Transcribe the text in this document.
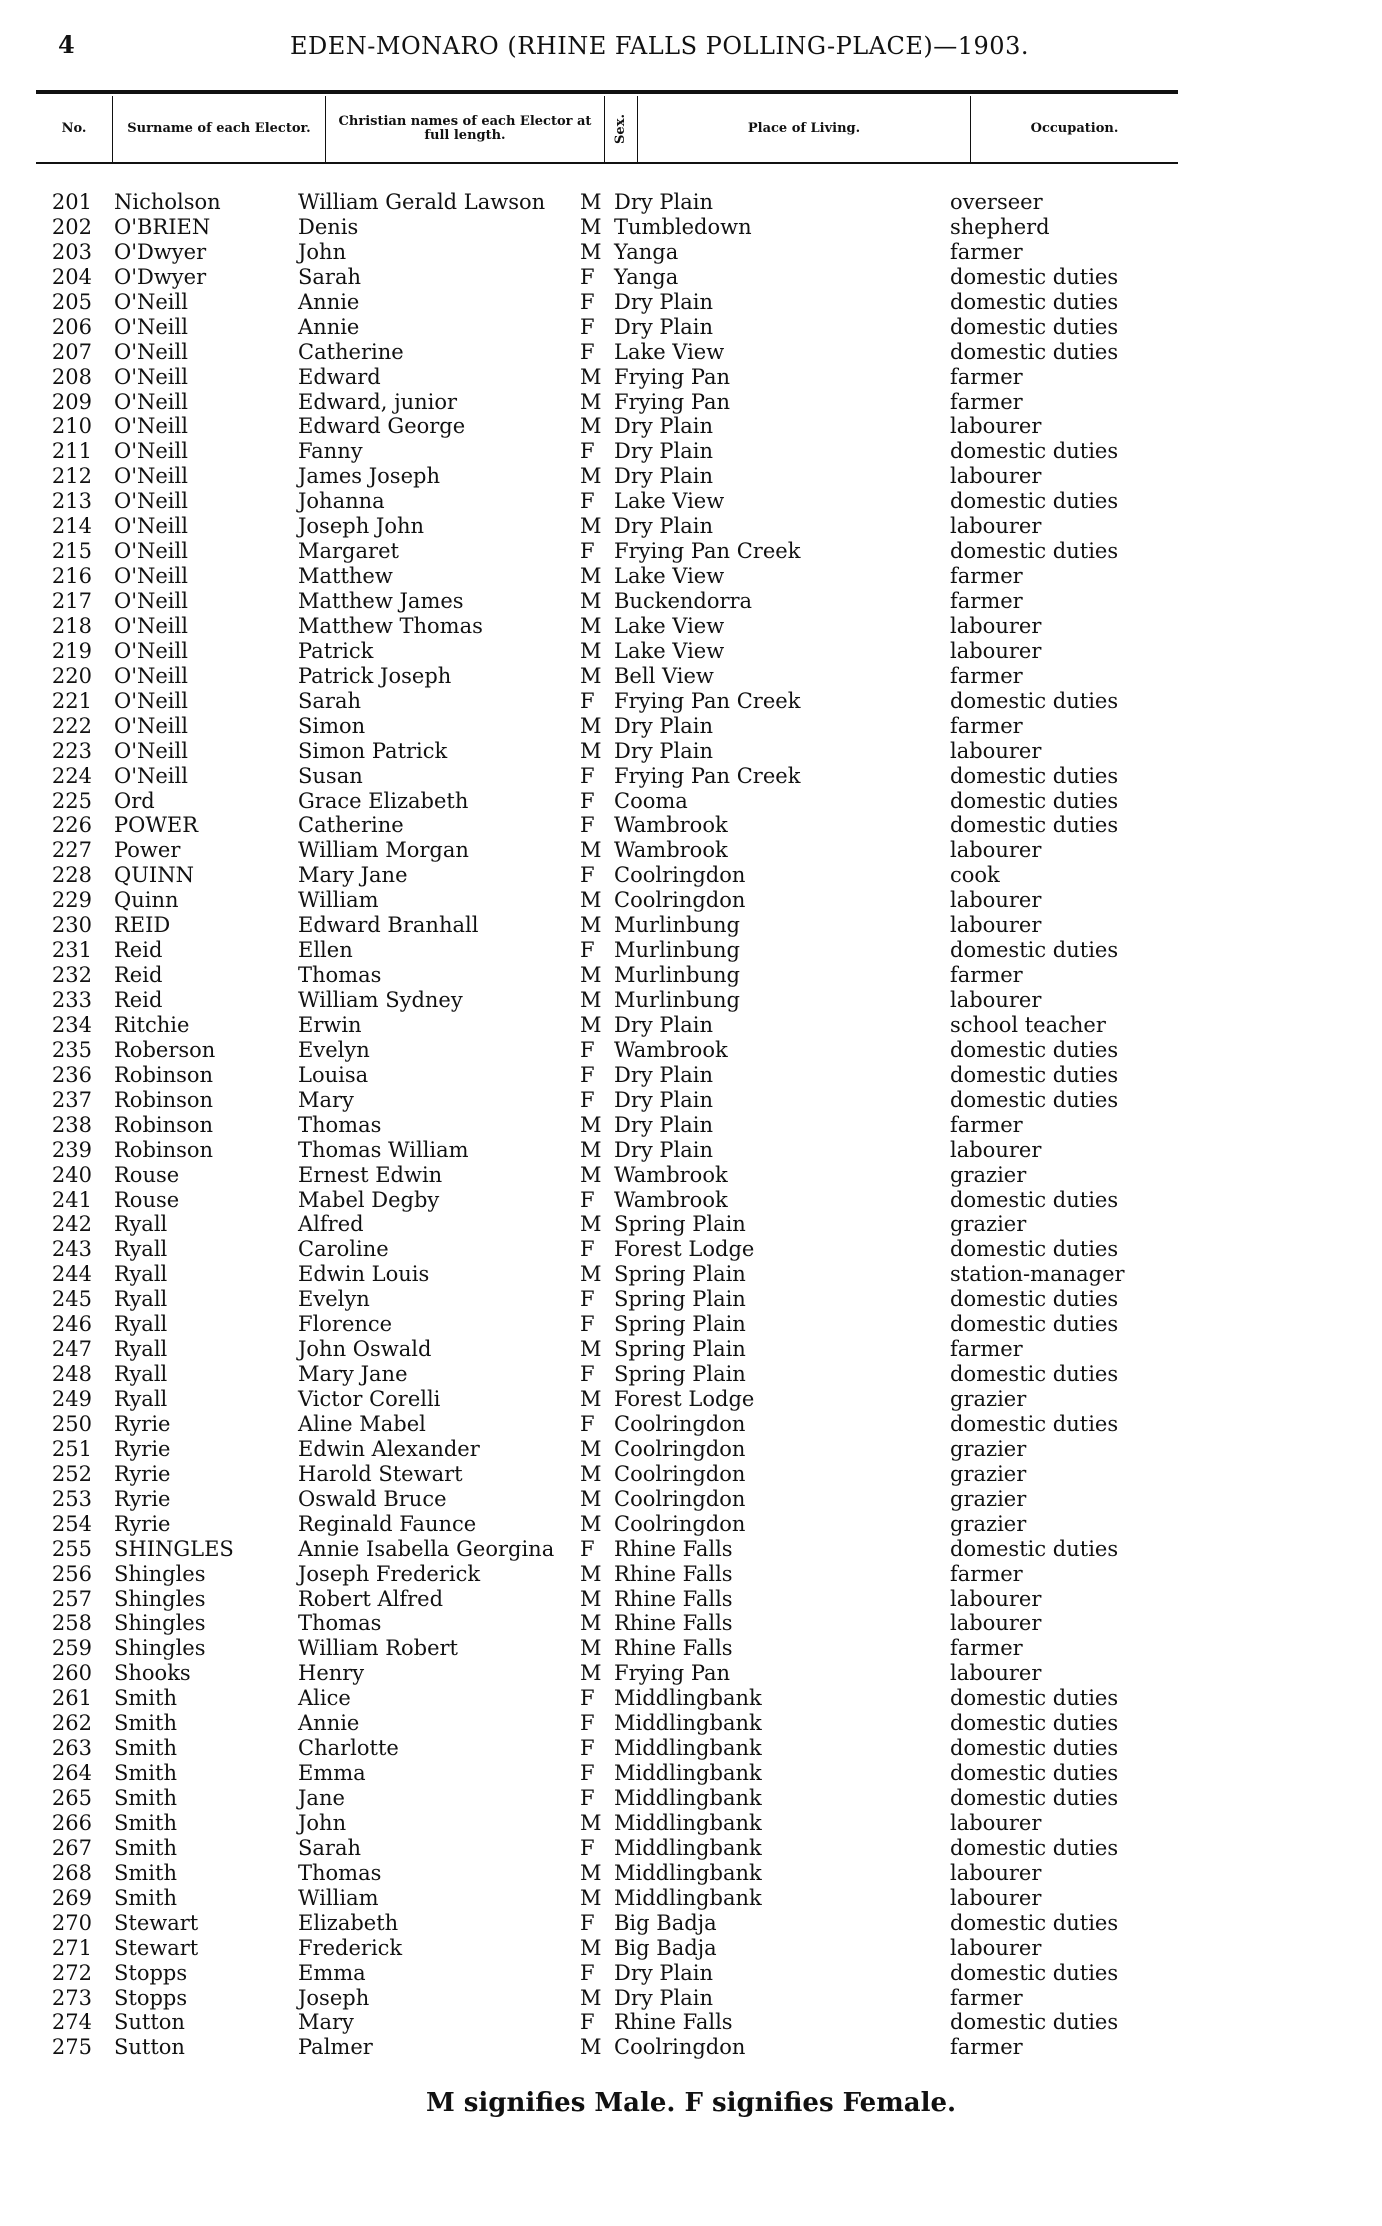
4	EDEN-MONARO (RHINE FALLS POLLING-PLACE)—1903.
No.	Surname of each Elector.	Christian names of each Elector at full length.	Sex.	Place of Living.	Occupation.
201 Nicholson	William Gerald Lawson M Dry Plain	overseer
202 O'BRIEN	Denis	M Tumbledown	shepherd
203 O'Dwyer	John	M Yanga	farmer
204 O'Dwyer	Sarah	F Yanga	domestic duties
205 O'Neill	Annie	F Dry Plain	domestic duties
206 O'Neill	Annie	F Dry Plain	domestic duties
207 O'Neill	Catherine	F Lake View	domestic duties
208 O'Neill	Edward	M Frying Pan	farmer
209 O'Neill	Edward, junior	M Frying Pan	farmer
210 O'Neill	Edward George	M Dry Plain	labourer
211 O'Neill	Fanny	F Dry Plain	domestic duties
212 O'Neill	James Joseph	M Dry Plain	labourer
213 O'Neill	Johanna	F Lake View	domestic duties
214 O'Neill	Joseph John	M Dry Plain	labourer
215 O'Neill	Margaret	F Frying Pan Creek	domestic duties
216 O'Neill	Matthew	M Lake View	farmer
217 O'Neill	Matthew James	M Buckendorra	farmer
218 O'Neill	Matthew Thomas	M Lake View	labourer
219 O'Neill	Patrick	M Lake View	labourer
220 O'Neill	Patrick Joseph	M Bell View	farmer
221 O'Neill	Sarah	F Frying Pan Creek	domestic duties
222 O'Neill	Simon	M Dry Plain	farmer
223 O'Neill	Simon Patrick	M Dry Plain	labourer
224 O'Neill	Susan	F Frying Pan Creek	domestic duties
225 Ord	Grace Elizabeth	F Cooma	domestic duties
226 POWER	Catherine	F Wambrook	domestic duties
227 Power	William Morgan	M Wambrook	labourer
228 QUINN	Mary Jane	F Coolringdon	cook
229 Quinn	William	M Coolringdon	labourer
230 REID	Edward Branhall	M Murlinbung	labourer
231 Reid	Ellen	F Murlinbung	domestic duties
232 Reid	Thomas	M Murlinbung	farmer
233 Reid	William Sydney	M Murlinbung	labourer
234 Ritchie	Erwin	M Dry Plain	school teacher
235 Roberson	Evelyn	F Wambrook	domestic duties
236 Robinson	Louisa	F Dry Plain	domestic duties
237 Robinson	Mary	F Dry Plain	domestic duties
238 Robinson	Thomas	M Dry Plain	farmer
239 Robinson	Thomas William	M Dry Plain	labourer
240 Rouse	Ernest Edwin	M Wambrook	grazier
241 Rouse	Mabel Degby	F Wambrook	domestic duties
242 Ryall	Alfred	M Spring Plain	grazier
243 Ryall	Caroline	F Forest Lodge	domestic duties
244 Ryall	Edwin Louis	M Spring Plain	station-manager
245 Ryall	Evelyn	F Spring Plain	domestic duties
246 Ryall	Florence	F Spring Plain	domestic duties
247 Ryall	John Oswald	M Spring Plain	farmer
248 Ryall	Mary Jane	F Spring Plain	domestic duties
249 Ryall	Victor Corelli	M Forest Lodge	grazier
250 Ryrie	Aline Mabel	F Coolringdon	domestic duties
251 Ryrie	Edwin Alexander	M Coolringdon	grazier
252 Ryrie	Harold Stewart	M Coolringdon	grazier
253 Ryrie	Oswald Bruce	M Coolringdon	grazier
254 Ryrie	Reginald Faunce	M Coolringdon	grazier
255 SHINGLES	Annie Isabella Georgina F Rhine Falls	domestic duties
256 Shingles	Joseph Frederick	M Rhine Falls	farmer
257 Shingles	Robert Alfred	M Rhine Falls	labourer
258 Shingles	Thomas	M Rhine Falls	labourer
259 Shingles	William Robert	M Rhine Falls	farmer
260 Shooks	Henry	M Frying Pan	labourer
261 Smith	Alice	F Middlingbank	domestic duties
262 Smith	Annie	F Middlingbank	domestic duties
263 Smith	Charlotte	F Middlingbank	domestic duties
264 Smith	Emma	F Middlingbank	domestic duties
265 Smith	Jane	F Middlingbank	domestic duties
266 Smith	John	M Middlingbank	labourer
267 Smith	Sarah	F Middlingbank	domestic duties
268 Smith	Thomas	M Middlingbank	labourer
269 Smith	William	M Middlingbank	labourer
270 Stewart	Elizabeth	F Big Badja	domestic duties
271 Stewart	Frederick	M Big Badja	labourer
272 Stopps	Emma	F Dry Plain	domestic duties
273 Stopps	Joseph	M Dry Plain	farmer
274 Sutton	Mary	F Rhine Falls	domestic duties
275 Sutton	Palmer	M Coolringdon	farmer
M signifies Male. F signifies Female.
